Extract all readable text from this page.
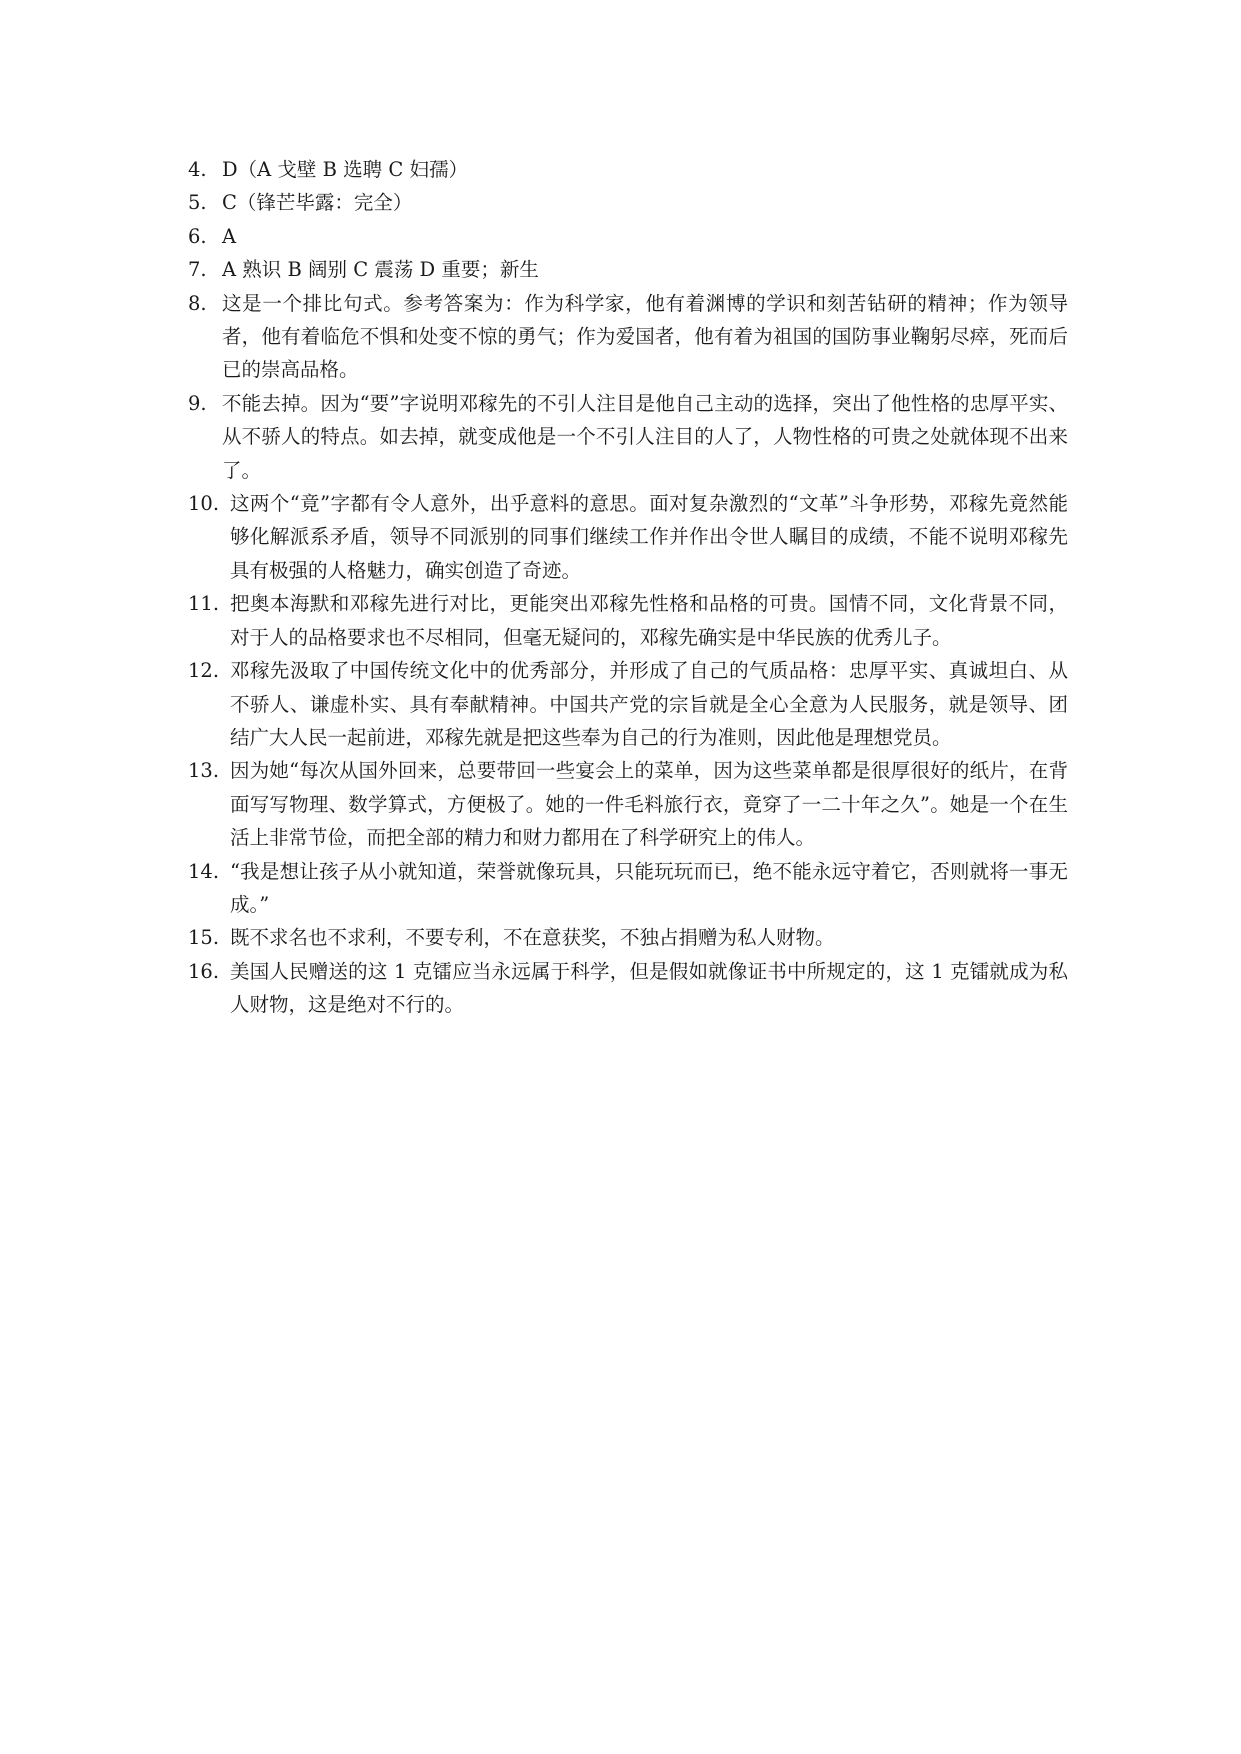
4. D（A 戈壁 B 选聘 C 妇孺）
5. C（锋芒毕露：完全）
6. A
7. A 熟识 B 阔别 C 震荡 D 重要；新生
8. 这是一个排比句式。参考答案为：作为科学家，他有着渊博的学识和刻苦钻研的精神；作为领导者，他有着临危不惧和处变不惊的勇气；作为爱国者，他有着为祖国的国防事业鞠躬尽瘁，死而后已的崇高品格。
9. 不能去掉。因为“要”字说明邓稼先的不引人注目是他自己主动的选择，突出了他性格的忠厚平实、从不骄人的特点。如去掉，就变成他是一个不引人注目的人了，人物性格的可贵之处就体现不出来了。
10. 这两个“竟”字都有令人意外，出乎意料的意思。面对复杂激烈的“文革”斗争形势，邓稼先竟然能够化解派系矛盾，领导不同派别的同事们继续工作并作出令世人瞩目的成绩，不能不说明邓稼先具有极强的人格魅力，确实创造了奇迹。
11. 把奥本海默和邓稼先进行对比，更能突出邓稼先性格和品格的可贵。国情不同，文化背景不同，对于人的品格要求也不尽相同，但毫无疑问的，邓稼先确实是中华民族的优秀儿子。
12. 邓稼先汲取了中国传统文化中的优秀部分，并形成了自己的气质品格：忠厚平实、真诚坦白、从不骄人、谦虚朴实、具有奉献精神。中国共产党的宗旨就是全心全意为人民服务，就是领导、团结广大人民一起前进，邓稼先就是把这些奉为自己的行为准则，因此他是理想党员。
13. 因为她“每次从国外回来，总要带回一些宴会上的菜单，因为这些菜单都是很厚很好的纸片，在背面写写物理、数学算式，方便极了。她的一件毛料旅行衣，竟穿了一二十年之久”。她是一个在生活上非常节俭，而把全部的精力和财力都用在了科学研究上的伟人。
14. “我是想让孩子从小就知道，荣誉就像玩具，只能玩玩而已，绝不能永远守着它，否则就将一事无成。”
15. 既不求名也不求利，不要专利，不在意获奖，不独占捐赠为私人财物。
16. 美国人民赠送的这 1 克镭应当永远属于科学，但是假如就像证书中所规定的，这 1 克镭就成为私人财物，这是绝对不行的。
